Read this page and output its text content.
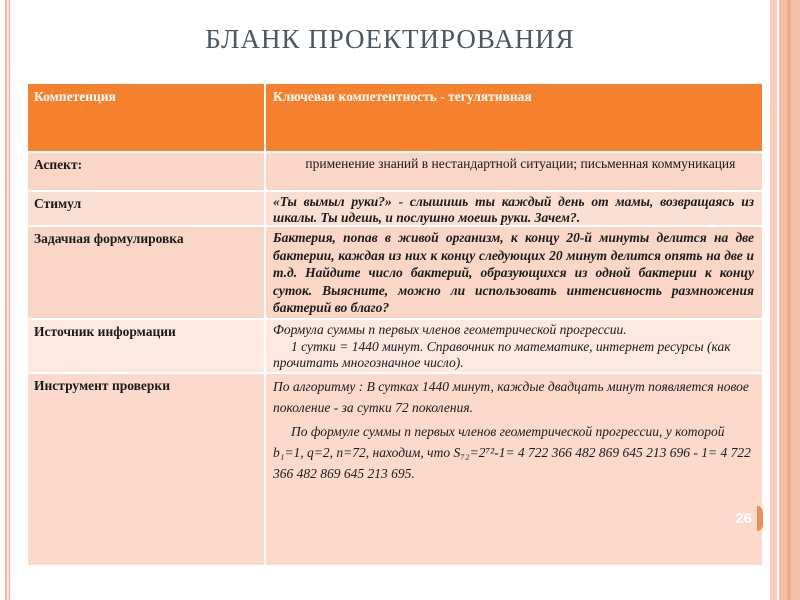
БЛАНК ПРОЕКТИРОВАНИЯ
Компетенция	Ключевая компетентность - тегулятивная
Аспект:	применение знаний в нестандартной ситуации; письменная коммуникация

Стимул	«Ты вымыл руки?» - слышишь ты каждый день от мамы, возвращаясь из шкалы. Ты идешь, и послушно моешь руки. Зачем?.

Задачная формулировка	Бактерия, попав в живой организм, к концу 20-й минуты делится на две бактерии, каждая из них к концу следующих 20 минут делится опять на две и т.д. Найдите число бактерий, образующихся из одной бактерии к концу суток. Выясните, можно ли использовать интенсивность размножения бактерий во благо?

Источник информации	Формула суммы n первых членов геометрической прогрессии.

1 сутки = 1440 минут. Справочник по математике, интернет ресурсы (как прочитать многозначное число).

Инструмент проверки	По алгоритму : В сутках 1440 минут, каждые двадцать минут появляется новое поколение - за сутки 72 поколения.

По формуле суммы n первых членов геометрической прогрессии, у которой b₁=1, q=2, n=72, находим, что S₇₂=2⁷²-1= 4 722 366 482 869 645 213 696 - 1= 4 722 366 482 869 645 213 695.

26
